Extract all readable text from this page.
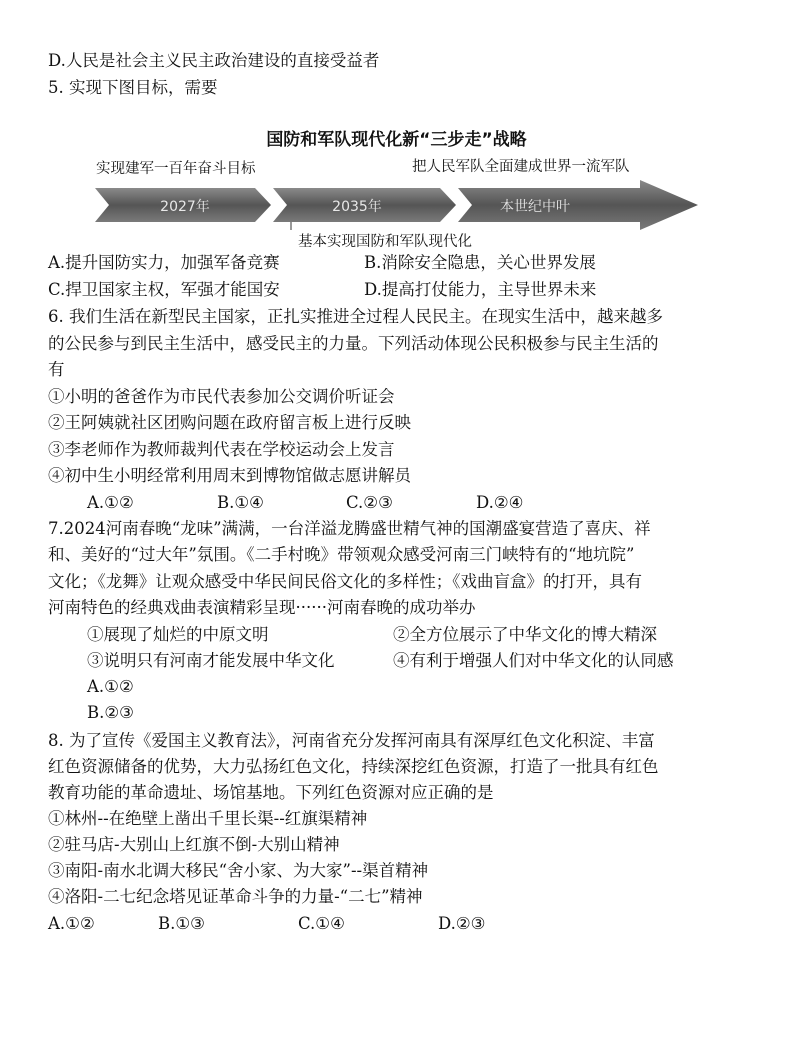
D.人民是社会主义民主政治建设的直接受益者
5. 实现下图目标，需要
国防和军队现代化新“三步走”战略
实现建军一百年奋斗目标	把人民军队全面建成世界一流军队
2027年	2035年	本世纪中叶
基本实现国防和军队现代化
A.提升国防实力，加强军备竞赛	B.消除安全隐患，关心世界发展
C.捍卫国家主权，军强才能国安	D.提高打仗能力，主导世界未来
6. 我们生活在新型民主国家，正扎实推进全过程人民民主。在现实生活中，越来越多
的公民参与到民主生活中，感受民主的力量。下列活动体现公民积极参与民主生活的
有
①小明的爸爸作为市民代表参加公交调价听证会
②王阿姨就社区团购问题在政府留言板上进行反映
③李老师作为教师裁判代表在学校运动会上发言
④初中生小明经常利用周末到博物馆做志愿讲解员
A.①②	B.①④	C.②③	D.②④
7.2024河南春晚“龙味”满满，一台洋溢龙腾盛世精气神的国潮盛宴营造了喜庆、祥
和、美好的“过大年”氛围。《二手村晚》带领观众感受河南三门峡特有的“地坑院”
文化；《龙舞》让观众感受中华民间民俗文化的多样性；《戏曲盲盒》的打开，具有
河南特色的经典戏曲表演精彩呈现······河南春晚的成功举办
①展现了灿烂的中原文明	②全方位展示了中华文化的博大精深
③说明只有河南才能发展中华文化	④有利于增强人们对中华文化的认同感
A.①②
B.②③
8. 为了宣传《爱国主义教育法》，河南省充分发挥河南具有深厚红色文化积淀、丰富
红色资源储备的优势，大力弘扬红色文化，持续深挖红色资源，打造了一批具有红色
教育功能的革命遗址、场馆基地。下列红色资源对应正确的是
①林州--在绝壁上凿出千里长渠--红旗渠精神
②驻马店-大别山上红旗不倒-大别山精神
③南阳-南水北调大移民“舍小家、为大家”--渠首精神
④洛阳-二七纪念塔见证革命斗争的力量-“二七”精神
A.①②	B.①③	C.①④	D.②③
